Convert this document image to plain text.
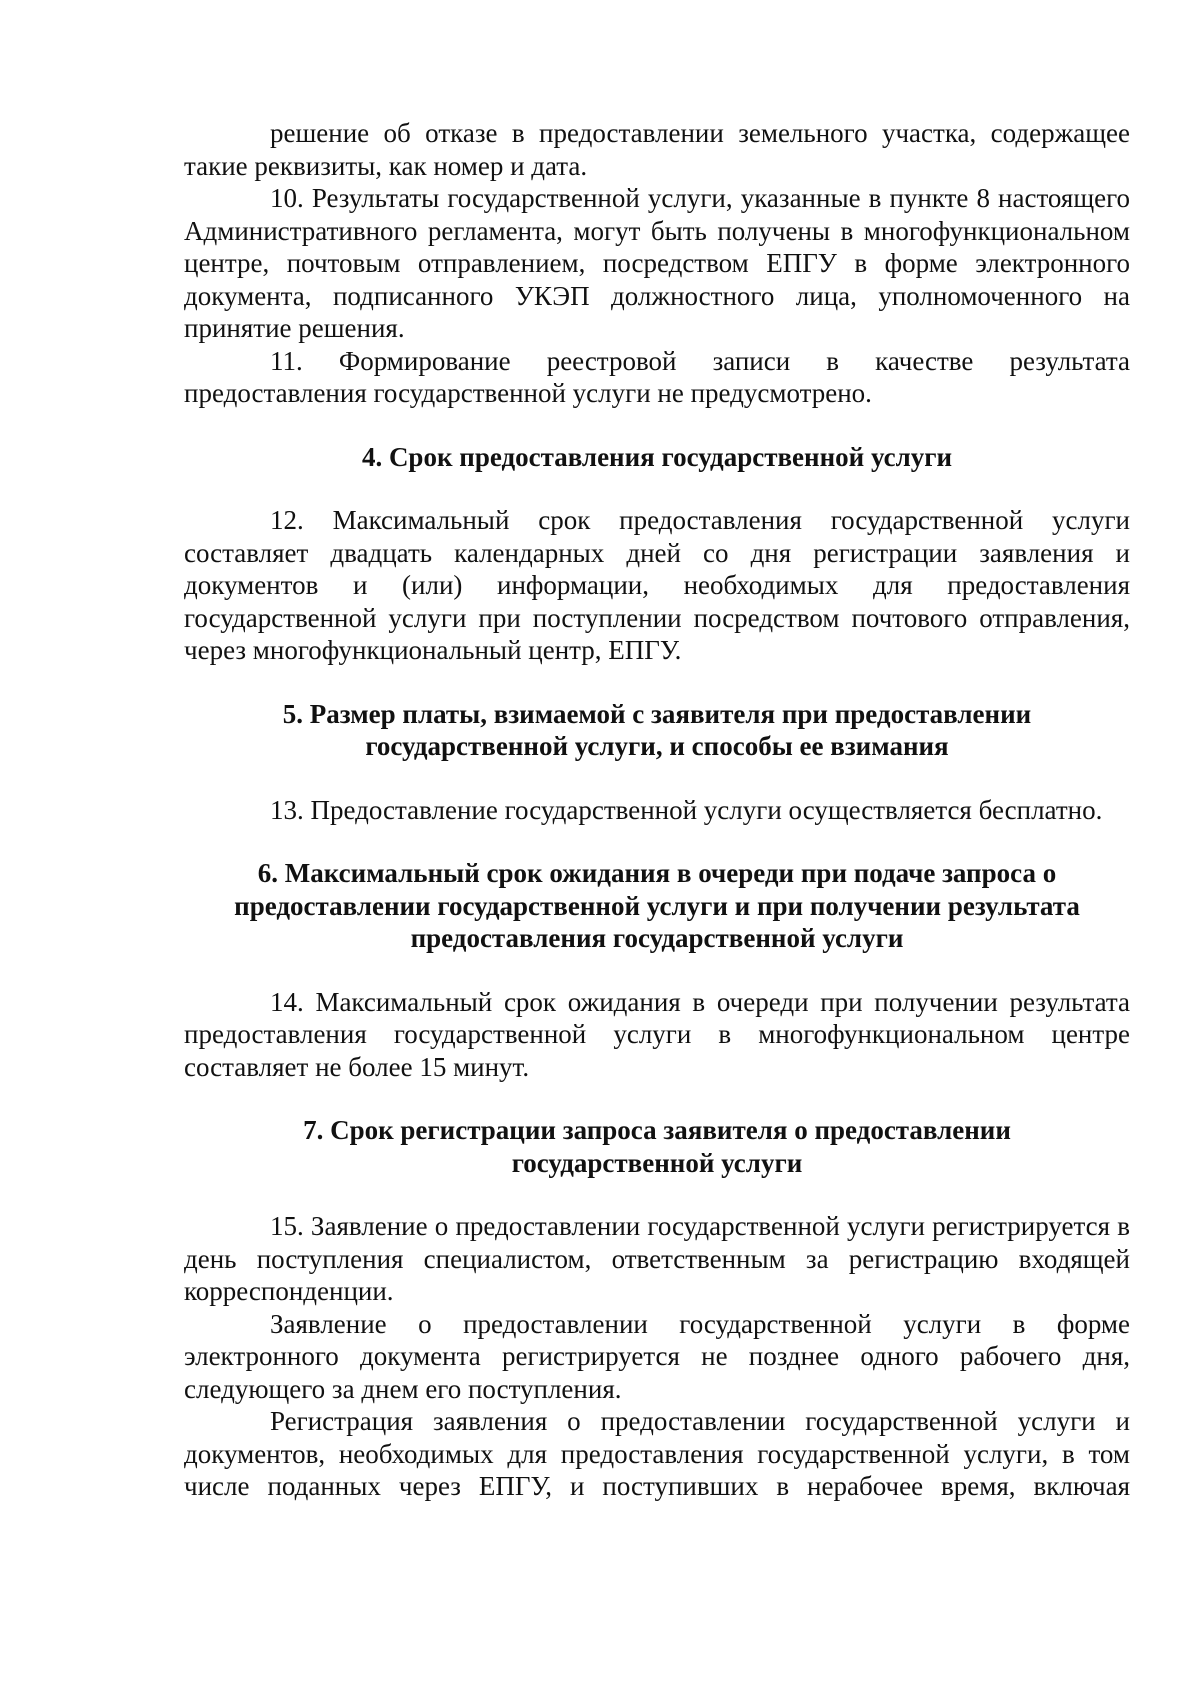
решение об отказе в предоставлении земельного участка, содержащее такие реквизиты, как номер и дата.

10. Результаты государственной услуги, указанные в пункте 8 настоящего Административного регламента, могут быть получены в многофункциональном центре, почтовым отправлением, посредством ЕПГУ в форме электронного документа, подписанного УКЭП должностного лица, уполномоченного на принятие решения.

11. Формирование реестровой записи в качестве результата предоставления государственной услуги не предусмотрено.

4. Срок предоставления государственной услуги

12. Максимальный срок предоставления государственной услуги составляет двадцать календарных дней со дня регистрации заявления и документов и (или) информации, необходимых для предоставления государственной услуги при поступлении посредством почтового отправления, через многофункциональный центр, ЕПГУ.

5. Размер платы, взимаемой с заявителя при предоставлении
государственной услуги, и способы ее взимания

13. Предоставление государственной услуги осуществляется бесплатно.

6. Максимальный срок ожидания в очереди при подаче запроса о
предоставлении государственной услуги и при получении результата
предоставления государственной услуги

14. Максимальный срок ожидания в очереди при получении результата предоставления государственной услуги в многофункциональном центре составляет не более 15 минут.

7. Срок регистрации запроса заявителя о предоставлении
государственной услуги

15. Заявление о предоставлении государственной услуги регистрируется в день поступления специалистом, ответственным за регистрацию входящей корреспонденции.

Заявление о предоставлении государственной услуги в форме электронного документа регистрируется не позднее одного рабочего дня, следующего за днем его поступления.

Регистрация заявления о предоставлении государственной услуги и документов, необходимых для предоставления государственной услуги, в том числе поданных через ЕПГУ, и поступивших в нерабочее время, включая
